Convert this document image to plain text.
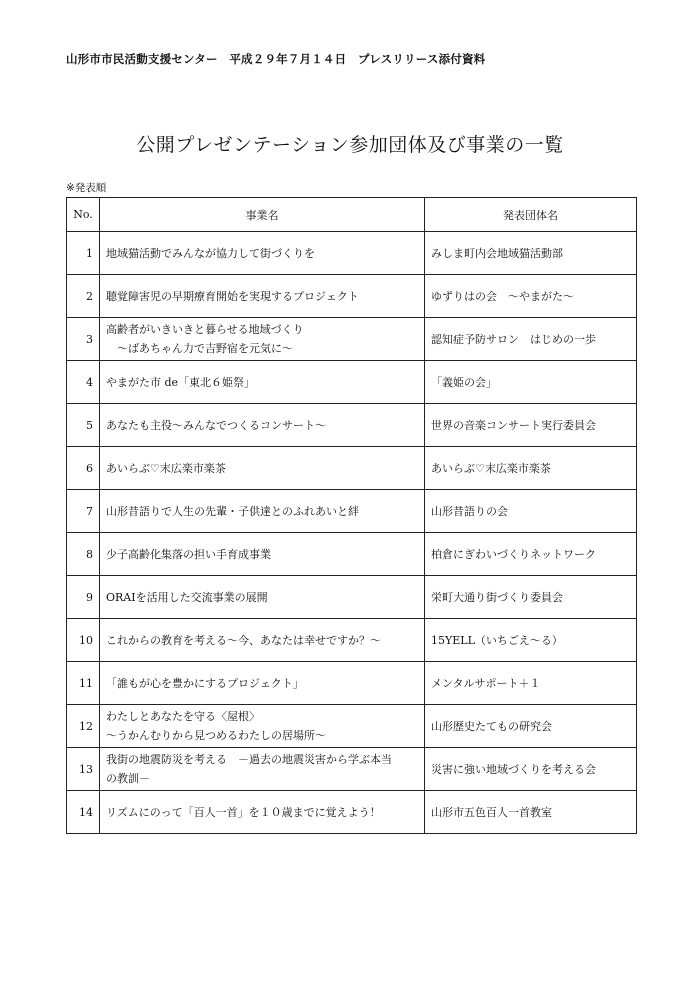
山形市市民活動支援センター　平成２９年７月１４日　プレスリリース添付資料
公開プレゼンテーション参加団体及び事業の一覧
※発表順
No.	事業名	発表団体名
1	地域猫活動でみんなが協力して街づくりを	みしま町内会地域猫活動部
2	聴覚障害児の早期療育開始を実現するプロジェクト	ゆずりはの会　～やまがた～
3	高齢者がいきいきと暮らせる地域づくり
　～ばあちゃん力で吉野宿を元気に～	認知症予防サロン　はじめの一歩
4	やまがた市 de「東北６姫祭」	「義姫の会」
5	あなたも主役～みんなでつくるコンサート～	世界の音楽コンサート実行委員会
6	あいらぶ♡末広楽市楽茶	あいらぶ♡末広楽市楽茶
7	山形昔語りで人生の先輩・子供達とのふれあいと絆	山形昔語りの会
8	少子高齢化集落の担い手育成事業	柏倉にぎわいづくりネットワーク
9	ORAIを活用した交流事業の展開	栄町大通り街づくり委員会
10	これからの教育を考える～今、あなたは幸せですか？～	15YELL（いちごえ～る）
11	「誰もが心を豊かにするプロジェクト」	メンタルサポート＋１
12	わたしとあなたを守る〈屋根〉
～うかんむりから見つめるわたしの居場所～	山形歴史たてもの研究会
13	我街の地震防災を考える　－過去の地震災害から学ぶ本当
の教訓－	災害に強い地域づくりを考える会
14	リズムにのって「百人一首」を１０歳までに覚えよう！	山形市五色百人一首教室
